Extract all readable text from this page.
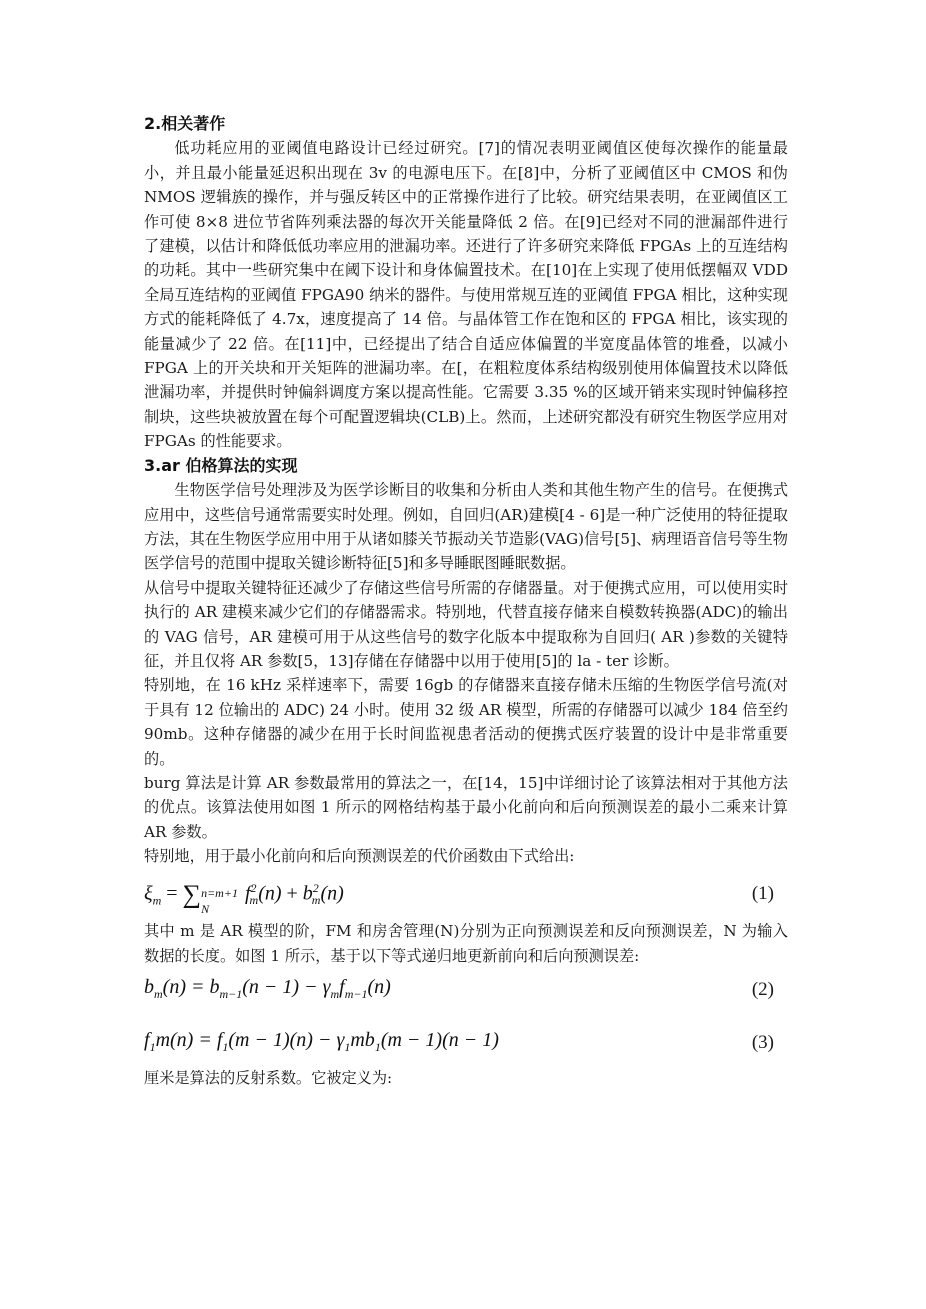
2.相关著作

低功耗应用的亚阈值电路设计已经过研究。[7]的情况表明亚阈值区使每次操作的能量最小，并且最小能量延迟积出现在 3v 的电源电压下。在[8]中，分析了亚阈值区中 CMOS 和伪 NMOS 逻辑族的操作，并与强反转区中的正常操作进行了比较。研究结果表明，在亚阈值区工作可使 8×8 进位节省阵列乘法器的每次开关能量降低 2 倍。在[9]已经对不同的泄漏部件进行了建模，以估计和降低低功率应用的泄漏功率。还进行了许多研究来降低 FPGAs 上的互连结构的功耗。其中一些研究集中在阈下设计和身体偏置技术。在[10]在上实现了使用低摆幅双 VDD 全局互连结构的亚阈值 FPGA90 纳米的器件。与使用常规互连的亚阈值 FPGA 相比，这种实现方式的能耗降低了 4.7x，速度提高了 14 倍。与晶体管工作在饱和区的 FPGA 相比，该实现的能量减少了 22 倍。在[11]中，已经提出了结合自适应体偏置的半宽度晶体管的堆叠，以减小 FPGA 上的开关块和开关矩阵的泄漏功率。在[，在粗粒度体系结构级别使用体偏置技术以降低泄漏功率，并提供时钟偏斜调度方案以提高性能。它需要 3.35 %的区域开销来实现时钟偏移控制块，这些块被放置在每个可配置逻辑块(CLB)上。然而，上述研究都没有研究生物医学应用对 FPGAs 的性能要求。

3.ar 伯格算法的实现

生物医学信号处理涉及为医学诊断目的收集和分析由人类和其他生物产生的信号。在便携式应用中，这些信号通常需要实时处理。例如，自回归(AR)建模[4 - 6]是一种广泛使用的特征提取方法，其在生物医学应用中用于从诸如膝关节振动关节造影(VAG)信号[5]、病理语音信号等生物医学信号的范围中提取关键诊断特征[5]和多导睡眠图睡眠数据。

从信号中提取关键特征还减少了存储这些信号所需的存储器量。对于便携式应用，可以使用实时执行的 AR 建模来减少它们的存储器需求。特别地，代替直接存储来自模数转换器(ADC)的输出的 VAG 信号，AR 建模可用于从这些信号的数字化版本中提取称为自回归( AR )参数的关键特征，并且仅将 AR 参数[5，13]存储在存储器中以用于使用[5]的 la - ter 诊断。

特别地，在 16 kHz 采样速率下，需要 16gb 的存储器来直接存储未压缩的生物医学信号流(对于具有 12 位输出的 ADC) 24 小时。使用 32 级 AR 模型，所需的存储器可以减少 184 倍至约 90mb。这种存储器的减少在用于长时间监视患者活动的便携式医疗装置的设计中是非常重要的。

burg 算法是计算 AR 参数最常用的算法之一，在[14，15]中详细讨论了该算法相对于其他方法的优点。该算法使用如图 1 所示的网格结构基于最小化前向和后向预测误差的最小二乘来计算 AR 参数。

特别地，用于最小化前向和后向预测误差的代价函数由下式给出:

$\xi_m$ = ∑ n=m+1
N
$f^2_m(n) + b^2_m(n)$	(1)

其中 m 是 AR 模型的阶，FM 和房舍管理(N)分别为正向预测误差和反向预测误差，N 为输入数据的长度。如图 1 所示，基于以下等式递归地更新前向和后向预测误差:

$b_m(n) = b_{m-1}(n - 1) - \gamma_mf_{m-1}(n)$	(2)
$f_1m(n) = f_1(m - 1)(n) - \gamma_1mb_1(m - 1)(n - 1)$	(3)

厘米是算法的反射系数。它被定义为:
